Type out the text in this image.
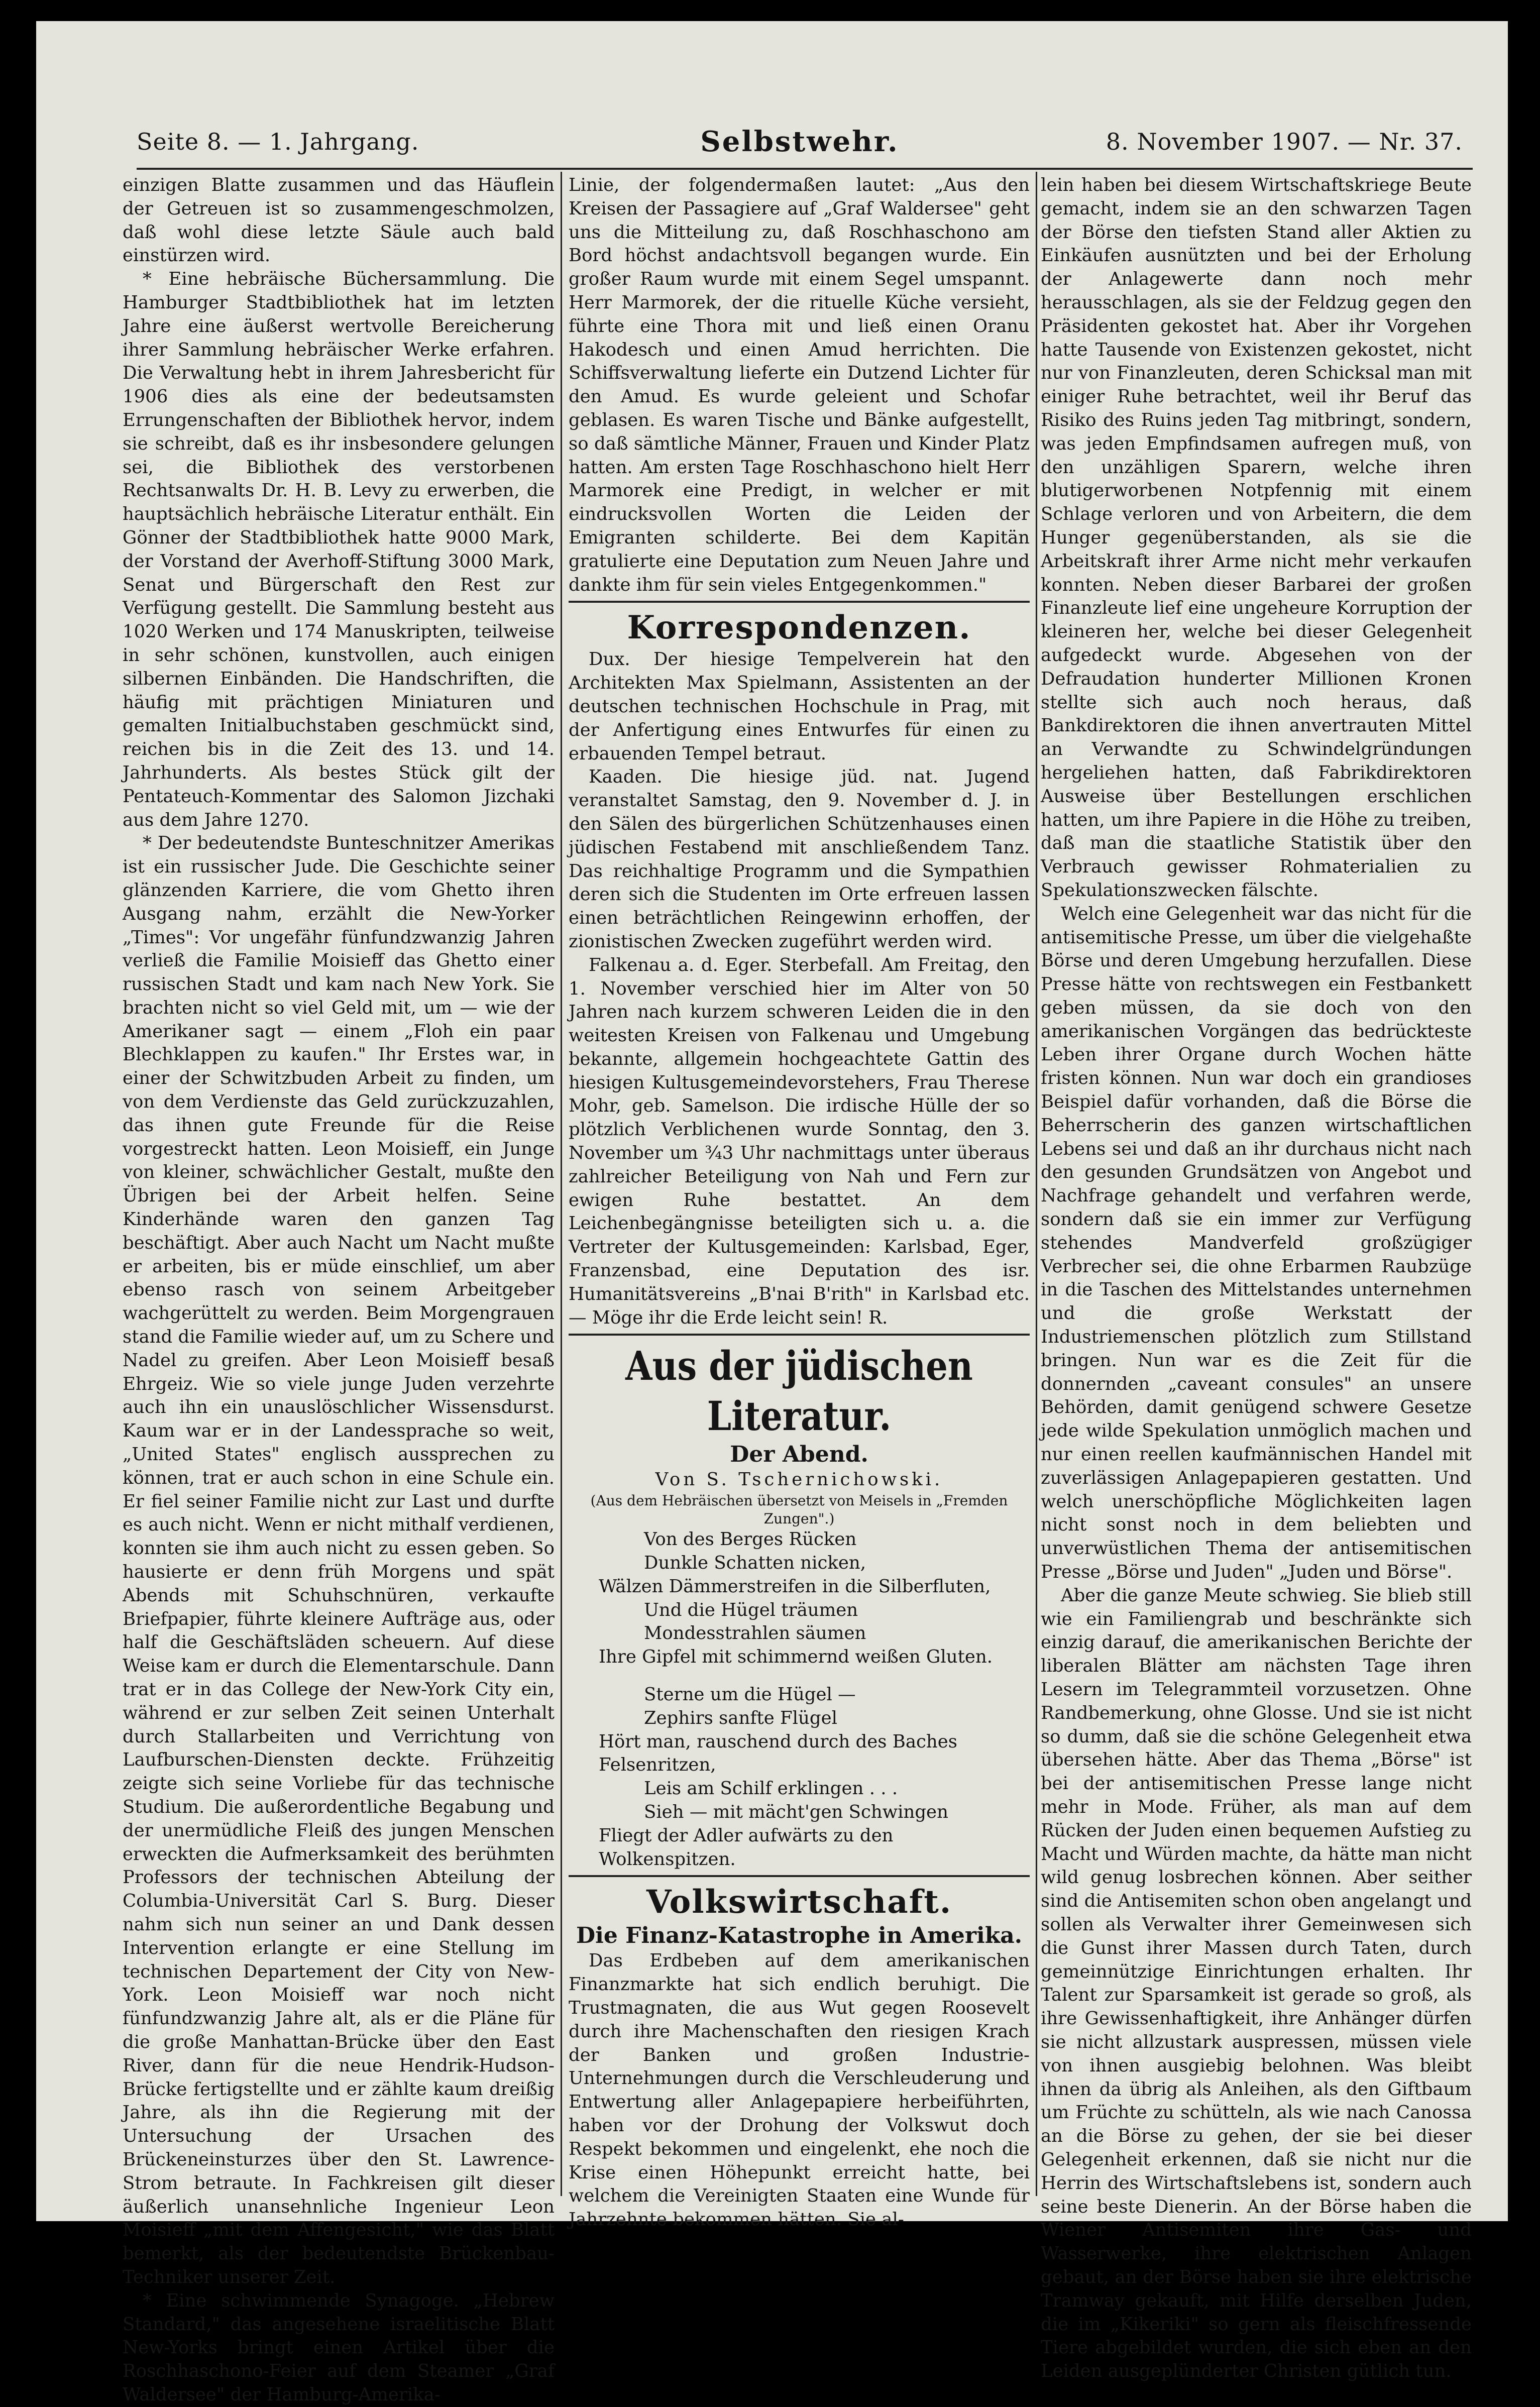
Seite 8. — 1. Jahrgang.	Selbstwehr.	8. November 1907. — Nr. 37.

einzigen Blatte zusammen und das Häuflein der Getreuen ist so zusammengeschmolzen, daß wohl diese letzte Säule auch bald einstürzen wird.

* Eine hebräische Büchersammlung. Die Hamburger Stadtbibliothek hat im letzten Jahre eine äußerst wertvolle Bereicherung ihrer Sammlung hebräischer Werke erfahren. Die Verwaltung hebt in ihrem Jahresbericht für 1906 dies als eine der bedeutsamsten Errungenschaften der Bibliothek hervor, indem sie schreibt, daß es ihr insbesondere gelungen sei, die Bibliothek des verstorbenen Rechtsanwalts Dr. H. B. Levy zu erwerben, die hauptsächlich hebräische Literatur enthält. Ein Gönner der Stadtbibliothek hatte 9000 Mark, der Vorstand der Averhoff-Stiftung 3000 Mark, Senat und Bürgerschaft den Rest zur Verfügung gestellt. Die Sammlung besteht aus 1020 Werken und 174 Manuskripten, teilweise in sehr schönen, kunstvollen, auch einigen silbernen Einbänden. Die Handschriften, die häufig mit prächtigen Miniaturen und gemalten Initialbuchstaben geschmückt sind, reichen bis in die Zeit des 13. und 14. Jahrhunderts. Als bestes Stück gilt der Pentateuch-Kommentar des Salomon Jizchaki aus dem Jahre 1270.

* Der bedeutendste Bunteschnitzer Amerikas ist ein russischer Jude. Die Geschichte seiner glänzenden Karriere, die vom Ghetto ihren Ausgang nahm, erzählt die New-Yorker „Times": Vor ungefähr fünfundzwanzig Jahren verließ die Familie Moisieff das Ghetto einer russischen Stadt und kam nach New York. Sie brachten nicht so viel Geld mit, um — wie der Amerikaner sagt — einem „Floh ein paar Blechklappen zu kaufen." Ihr Erstes war, in einer der Schwitzbuden Arbeit zu finden, um von dem Verdienste das Geld zurückzuzahlen, das ihnen gute Freunde für die Reise vorgestreckt hatten. Leon Moisieff, ein Junge von kleiner, schwächlicher Gestalt, mußte den Übrigen bei der Arbeit helfen. Seine Kinderhände waren den ganzen Tag beschäftigt. Aber auch Nacht um Nacht mußte er arbeiten, bis er müde einschlief, um aber ebenso rasch von seinem Arbeitgeber wachgerüttelt zu werden. Beim Morgengrauen stand die Familie wieder auf, um zu Schere und Nadel zu greifen. Aber Leon Moisieff besaß Ehrgeiz. Wie so viele junge Juden verzehrte auch ihn ein unauslöschlicher Wissensdurst. Kaum war er in der Landessprache so weit, „United States" englisch aussprechen zu können, trat er auch schon in eine Schule ein. Er fiel seiner Familie nicht zur Last und durfte es auch nicht. Wenn er nicht mithalf verdienen, konnten sie ihm auch nicht zu essen geben. So hausierte er denn früh Morgens und spät Abends mit Schuhschnüren, verkaufte Briefpapier, führte kleinere Aufträge aus, oder half die Geschäftsläden scheuern. Auf diese Weise kam er durch die Elementarschule. Dann trat er in das College der New-York City ein, während er zur selben Zeit seinen Unterhalt durch Stallarbeiten und Verrichtung von Laufburschen-Diensten deckte. Frühzeitig zeigte sich seine Vorliebe für das technische Studium. Die außerordentliche Begabung und der unermüdliche Fleiß des jungen Menschen erweckten die Aufmerksamkeit des berühmten Professors der technischen Abteilung der Columbia-Universität Carl S. Burg. Dieser nahm sich nun seiner an und Dank dessen Intervention erlangte er eine Stellung im technischen Departement der City von New-York. Leon Moisieff war noch nicht fünfundzwanzig Jahre alt, als er die Pläne für die große Manhattan-Brücke über den East River, dann für die neue Hendrik-Hudson-Brücke fertigstellte und er zählte kaum dreißig Jahre, als ihn die Regierung mit der Untersuchung der Ursachen des Brückeneinsturzes über den St. Lawrence-Strom betraute. In Fachkreisen gilt dieser äußerlich unansehnliche Ingenieur Leon Moisieff „mit dem Affengesicht," wie das Blatt bemerkt, als der bedeutendste Brückenbau-Techniker unserer Zeit.

* Eine schwimmende Synagoge. „Hebrew Standard," das angesehene israelitische Blatt New-Yorks bringt einen Artikel über die Roschhaschono-Feier auf dem Steamer „Graf Waldersee" der Hamburg-Amerika-

Linie, der folgendermaßen lautet: „Aus den Kreisen der Passagiere auf „Graf Waldersee" geht uns die Mitteilung zu, daß Roschhaschono am Bord höchst andachtsvoll begangen wurde. Ein großer Raum wurde mit einem Segel umspannt. Herr Marmorek, der die rituelle Küche versieht, führte eine Thora mit und ließ einen Oranu Hakodesch und einen Amud herrichten. Die Schiffsverwaltung lieferte ein Dutzend Lichter für den Amud. Es wurde geleient und Schofar geblasen. Es waren Tische und Bänke aufgestellt, so daß sämtliche Männer, Frauen und Kinder Platz hatten. Am ersten Tage Roschhaschono hielt Herr Marmorek eine Predigt, in welcher er mit eindrucksvollen Worten die Leiden der Emigranten schilderte. Bei dem Kapitän gratulierte eine Deputation zum Neuen Jahre und dankte ihm für sein vieles Entgegenkommen."

Korrespondenzen.

Dux. Der hiesige Tempelverein hat den Architekten Max Spielmann, Assistenten an der deutschen technischen Hochschule in Prag, mit der Anfertigung eines Entwurfes für einen zu erbauenden Tempel betraut.

Kaaden. Die hiesige jüd. nat. Jugend veranstaltet Samstag, den 9. November d. J. in den Sälen des bürgerlichen Schützenhauses einen jüdischen Festabend mit anschließendem Tanz. Das reichhaltige Programm und die Sympathien deren sich die Studenten im Orte erfreuen lassen einen beträchtlichen Reingewinn erhoffen, der zionistischen Zwecken zugeführt werden wird.

Falkenau a. d. Eger. Sterbefall. Am Freitag, den 1. November verschied hier im Alter von 50 Jahren nach kurzem schweren Leiden die in den weitesten Kreisen von Falkenau und Umgebung bekannte, allgemein hochgeachtete Gattin des hiesigen Kultusgemeindevorstehers, Frau Therese Mohr, geb. Samelson. Die irdische Hülle der so plötzlich Verblichenen wurde Sonntag, den 3. November um ¾3 Uhr nachmittags unter überaus zahlreicher Beteiligung von Nah und Fern zur ewigen Ruhe bestattet. An dem Leichenbegängnisse beteiligten sich u. a. die Vertreter der Kultusgemeinden: Karlsbad, Eger, Franzensbad, eine Deputation des isr. Humanitätsvereins „B'nai B'rith" in Karlsbad etc. — Möge ihr die Erde leicht sein! R.

Aus der jüdischen Literatur.
Der Abend.
Von S. Tschernichowski.
(Aus dem Hebräischen übersetzt von Meisels in „Fremden Zungen".)

Von des Berges Rücken

Dunkle Schatten nicken,

Wälzen Dämmerstreifen in die Silberfluten,

Und die Hügel träumen

Mondesstrahlen säumen

Ihre Gipfel mit schimmernd weißen Gluten.

Sterne um die Hügel —

Zephirs sanfte Flügel

Hört man, rauschend durch des Baches Felsenritzen,

Leis am Schilf erklingen . . .

Sieh — mit mächt'gen Schwingen

Fliegt der Adler aufwärts zu den Wolkenspitzen.

Volkswirtschaft.
Die Finanz-Katastrophe in Amerika.

Das Erdbeben auf dem amerikanischen Finanzmarkte hat sich endlich beruhigt. Die Trustmagnaten, die aus Wut gegen Roosevelt durch ihre Machenschaften den riesigen Krach der Banken und großen Industrie-Unternehmungen durch die Verschleuderung und Entwertung aller Anlagepapiere herbeiführten, haben vor der Drohung der Volkswut doch Respekt bekommen und eingelenkt, ehe noch die Krise einen Höhepunkt erreicht hatte, bei welchem die Vereinigten Staaten eine Wunde für Jahrzehnte bekommen hätten. Sie al-

lein haben bei diesem Wirtschaftskriege Beute gemacht, indem sie an den schwarzen Tagen der Börse den tiefsten Stand aller Aktien zu Einkäufen ausnützten und bei der Erholung der Anlagewerte dann noch mehr herausschlagen, als sie der Feldzug gegen den Präsidenten gekostet hat. Aber ihr Vorgehen hatte Tausende von Existenzen gekostet, nicht nur von Finanzleuten, deren Schicksal man mit einiger Ruhe betrachtet, weil ihr Beruf das Risiko des Ruins jeden Tag mitbringt, sondern, was jeden Empfindsamen aufregen muß, von den unzähligen Sparern, welche ihren blutigerworbenen Notpfennig mit einem Schlage verloren und von Arbeitern, die dem Hunger gegenüberstanden, als sie die Arbeitskraft ihrer Arme nicht mehr verkaufen konnten. Neben dieser Barbarei der großen Finanzleute lief eine ungeheure Korruption der kleineren her, welche bei dieser Gelegenheit aufgedeckt wurde. Abgesehen von der Defraudation hunderter Millionen Kronen stellte sich auch noch heraus, daß Bankdirektoren die ihnen anvertrauten Mittel an Verwandte zu Schwindelgründungen hergeliehen hatten, daß Fabrikdirektoren Ausweise über Bestellungen erschlichen hatten, um ihre Papiere in die Höhe zu treiben, daß man die staatliche Statistik über den Verbrauch gewisser Rohmaterialien zu Spekulationszwecken fälschte.

Welch eine Gelegenheit war das nicht für die antisemitische Presse, um über die vielgehaßte Börse und deren Umgebung herzufallen. Diese Presse hätte von rechtswegen ein Festbankett geben müssen, da sie doch von den amerikanischen Vorgängen das bedrückteste Leben ihrer Organe durch Wochen hätte fristen können. Nun war doch ein grandioses Beispiel dafür vorhanden, daß die Börse die Beherrscherin des ganzen wirtschaftlichen Lebens sei und daß an ihr durchaus nicht nach den gesunden Grundsätzen von Angebot und Nachfrage gehandelt und verfahren werde, sondern daß sie ein immer zur Verfügung stehendes Mandverfeld großzügiger Verbrecher sei, die ohne Erbarmen Raubzüge in die Taschen des Mittelstandes unternehmen und die große Werkstatt der Industriemenschen plötzlich zum Stillstand bringen. Nun war es die Zeit für die donnernden „caveant consules" an unsere Behörden, damit genügend schwere Gesetze jede wilde Spekulation unmöglich machen und nur einen reellen kaufmännischen Handel mit zuverlässigen Anlagepapieren gestatten. Und welch unerschöpfliche Möglichkeiten lagen nicht sonst noch in dem beliebten und unverwüstlichen Thema der antisemitischen Presse „Börse und Juden" „Juden und Börse".

Aber die ganze Meute schwieg. Sie blieb still wie ein Familiengrab und beschränkte sich einzig darauf, die amerikanischen Berichte der liberalen Blätter am nächsten Tage ihren Lesern im Telegrammteil vorzusetzen. Ohne Randbemerkung, ohne Glosse. Und sie ist nicht so dumm, daß sie die schöne Gelegenheit etwa übersehen hätte. Aber das Thema „Börse" ist bei der antisemitischen Presse lange nicht mehr in Mode. Früher, als man auf dem Rücken der Juden einen bequemen Aufstieg zu Macht und Würden machte, da hätte man nicht wild genug losbrechen können. Aber seither sind die Antisemiten schon oben angelangt und sollen als Verwalter ihrer Gemeinwesen sich die Gunst ihrer Massen durch Taten, durch gemeinnützige Einrichtungen erhalten. Ihr Talent zur Sparsamkeit ist gerade so groß, als ihre Gewissenhaftigkeit, ihre Anhänger dürfen sie nicht allzustark auspressen, müssen viele von ihnen ausgiebig belohnen. Was bleibt ihnen da übrig als Anleihen, als den Giftbaum um Früchte zu schütteln, als wie nach Canossa an die Börse zu gehen, der sie bei dieser Gelegenheit erkennen, daß sie nicht nur die Herrin des Wirtschaftslebens ist, sondern auch seine beste Dienerin. An der Börse haben die Wiener Antisemiten ihre Gas- und Wasserwerke, ihre elektrischen Anlagen gebaut, an der Börse haben sie ihre elektrische Tramway gekauft, mit Hilfe derselben Juden, die im „Kikeriki" so gern als fleischfressende Tiere abgebildet wurden, die sich eben an den Leiden ausgeplünderter Christen gütlich tun.
